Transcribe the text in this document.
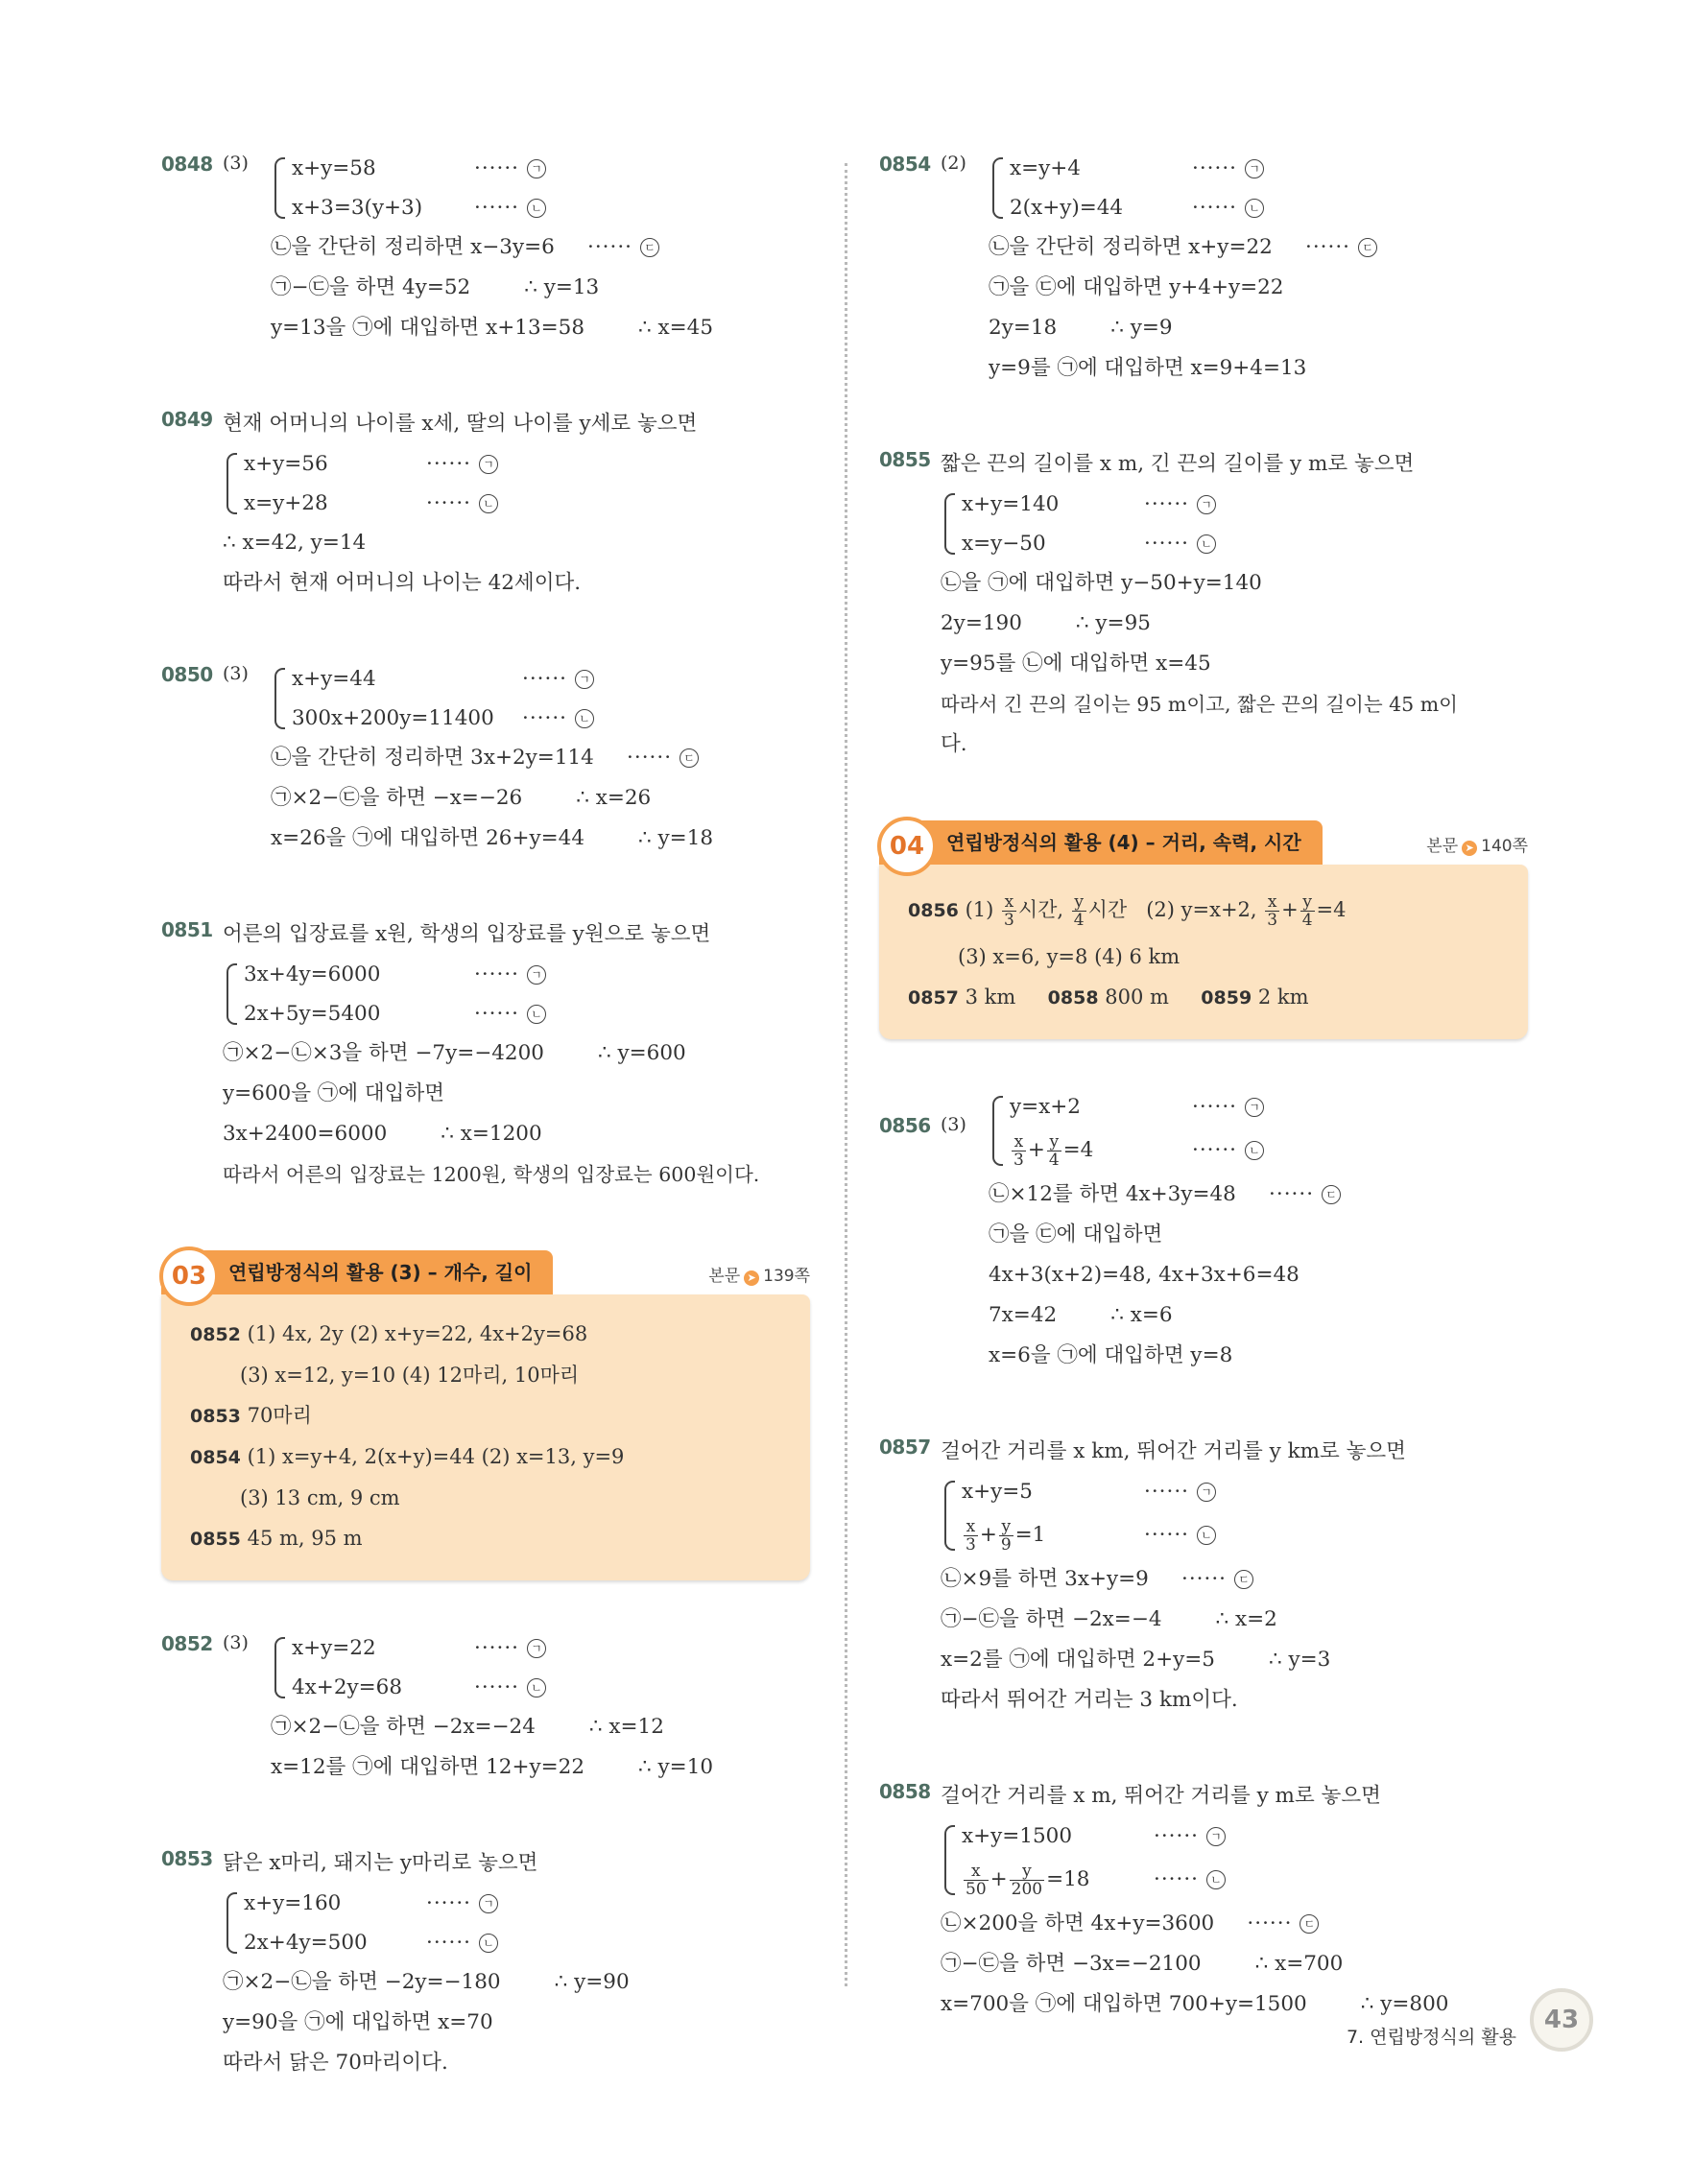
0848 (3) x+y=58	······ ㄱ
x+3=3(y+3)	······ ㄴ
㉡을 간단히 정리하면 x−3y=6 ······ ㄷ
㉠−㉢을 하면 4y=52	∴ y=13
y=13을 ㉠에 대입하면 x+13=58	∴ x=45
0849 현재 어머니의 나이를 x세, 딸의 나이를 y세로 놓으면
x+y=56	······ ㄱ
x=y+28	······ ㄴ
∴ x=42, y=14
따라서 현재 어머니의 나이는 42세이다.
0850 (3) x+y=44	······ ㄱ
300x+200y=11400 ······ ㄴ
㉡을 간단히 정리하면 3x+2y=114 ······ ㄷ
㉠×2−㉢을 하면 −x=−26	∴ x=26
x=26을 ㉠에 대입하면 26+y=44	∴ y=18
0851 어른의 입장료를 x원, 학생의 입장료를 y원으로 놓으면
3x+4y=6000	······ ㄱ
2x+5y=5400	······ ㄴ
㉠×2−㉡×3을 하면 −7y=−4200	∴ y=600
y=600을 ㉠에 대입하면
3x+2400=6000	∴ x=1200
따라서 어른의 입장료는 1200원, 학생의 입장료는 600원이다.
03	연립방정식의 활용 (3) – 개수, 길이	본문 ➤ 139쪽
0852 (1) 4x, 2y (2) x+y=22, 4x+2y=68
(3) x=12, y=10 (4) 12마리, 10마리
0853 70마리
0854 (1) x=y+4, 2(x+y)=44 (2) x=13, y=9
(3) 13 cm, 9 cm
0855 45 m, 95 m
0852 (3) x+y=22	······ ㄱ
4x+2y=68	······ ㄴ
㉠×2−㉡을 하면 −2x=−24	∴ x=12
x=12를 ㉠에 대입하면 12+y=22	∴ y=10
0853 닭은 x마리, 돼지는 y마리로 놓으면
x+y=160	······ ㄱ
2x+4y=500	······ ㄴ
㉠×2−㉡을 하면 −2y=−180	∴ y=90
y=90을 ㉠에 대입하면 x=70
따라서 닭은 70마리이다.
0854 (2) x=y+4	······ ㄱ
2(x+y)=44	······ ㄴ
㉡을 간단히 정리하면 x+y=22 ······ ㄷ
㉠을 ㉢에 대입하면 y+4+y=22
2y=18	∴ y=9
y=9를 ㉠에 대입하면 x=9+4=13
0855 짧은 끈의 길이를 x m, 긴 끈의 길이를 y m로 놓으면
x+y=140	······ ㄱ
x=y−50	······ ㄴ
㉡을 ㉠에 대입하면 y−50+y=140
2y=190	∴ y=95
y=95를 ㉡에 대입하면 x=45
따라서 긴 끈의 길이는 95 m이고, 짧은 끈의 길이는 45 m이
다.
04	연립방정식의 활용 (4) – 거리, 속력, 시간	본문 ➤ 140쪽
0856 $(1) \frac{x}{3}$ 시간, $\frac{y}{4}$ 시간 (2) y=x+2, $\frac{x}{3} + \frac{y}{4} =4$
(3) x=6, y=8 (4) 6 km
0857 3 km 0858 800 m 0859 2 km
0856 (3)
y=x+2	······ ㄱ
$\frac{x}{3} + \frac{y}{4} =4$	······ ㄴ
㉡×12를 하면 4x+3y=48 ······ ㄷ
㉠을 ㉢에 대입하면
4x+3(x+2)=48, 4x+3x+6=48
7x=42	∴ x=6
x=6을 ㉠에 대입하면 y=8
0857 걸어간 거리를 x km, 뛰어간 거리를 y km로 놓으면
x+y=5	······ ㄱ
$\frac{x}{3} + \frac{y}{9} =1$	······ ㄴ
㉡×9를 하면 3x+y=9 ······ ㄷ
㉠−㉢을 하면 −2x=−4	∴ x=2
x=2를 ㉠에 대입하면 2+y=5	∴ y=3
따라서 뛰어간 거리는 3 km이다.
0858 걸어간 거리를 x m, 뛰어간 거리를 y m로 놓으면
x+y=1500	······ ㄱ
$\frac{x}{50} + \frac{y}{200} =18$	······ ㄴ
㉡×200을 하면 4x+y=3600 ······ ㄷ
㉠−㉢을 하면 −3x=−2100	∴ x=700
x=700을 ㉠에 대입하면 700+y=1500	∴ y=800
7. 연립방정식의 활용
43
